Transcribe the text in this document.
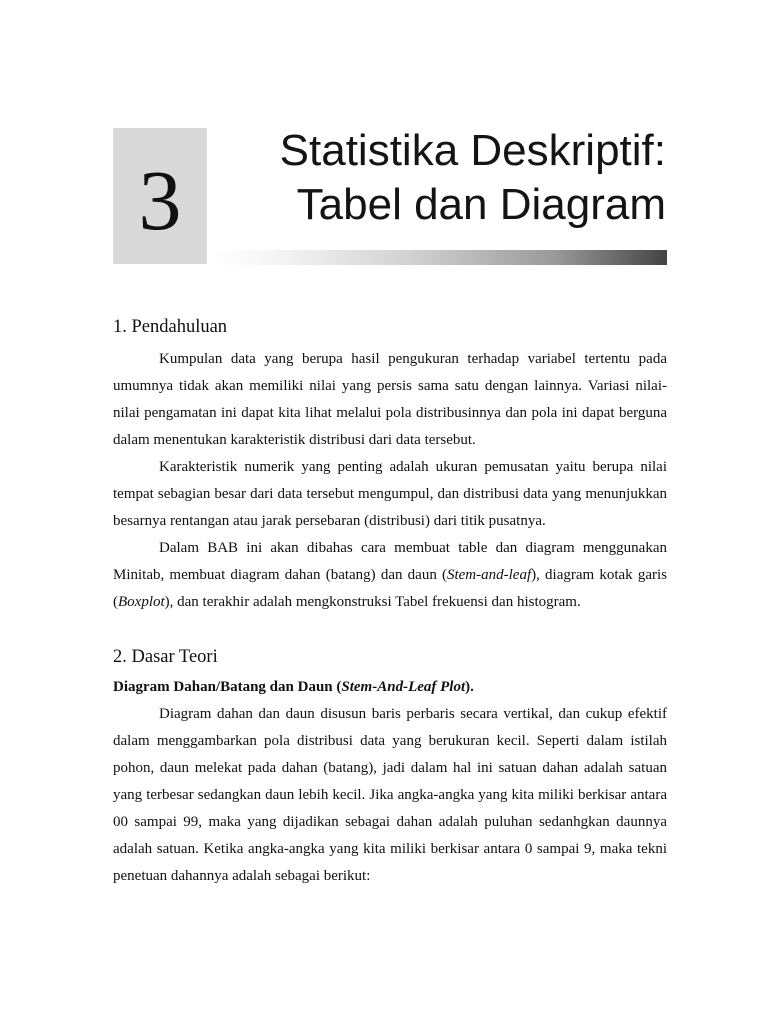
3
Statistika Deskriptif:
Tabel dan Diagram
1. Pendahuluan

Kumpulan data yang berupa hasil pengukuran terhadap variabel tertentu pada umumnya tidak akan memiliki nilai yang persis sama satu dengan lainnya. Variasi nilai-nilai pengamatan ini dapat kita lihat melalui pola distribusinnya dan pola ini dapat berguna dalam menentukan karakteristik distribusi dari data tersebut.

Karakteristik numerik yang penting adalah ukuran pemusatan yaitu berupa nilai tempat sebagian besar dari data tersebut mengumpul, dan distribusi data yang menunjukkan besarnya rentangan atau jarak persebaran (distribusi) dari titik pusatnya.

Dalam BAB ini akan dibahas cara membuat table dan diagram menggunakan Minitab, membuat diagram dahan (batang) dan daun (Stem-and-leaf), diagram kotak garis (Boxplot), dan terakhir adalah mengkonstruksi Tabel frekuensi dan histogram.

2. Dasar Teori

Diagram Dahan/Batang dan Daun (Stem-And-Leaf Plot).

Diagram dahan dan daun disusun baris perbaris secara vertikal, dan cukup efektif dalam menggambarkan pola distribusi data yang berukuran kecil. Seperti dalam istilah pohon, daun melekat pada dahan (batang), jadi dalam hal ini satuan dahan adalah satuan yang terbesar sedangkan daun lebih kecil. Jika angka-angka yang kita miliki berkisar antara 00 sampai 99, maka yang dijadikan sebagai dahan adalah puluhan sedanhgkan daunnya adalah satuan. Ketika angka-angka yang kita miliki berkisar antara 0 sampai 9, maka tekni penetuan dahannya adalah sebagai berikut:
